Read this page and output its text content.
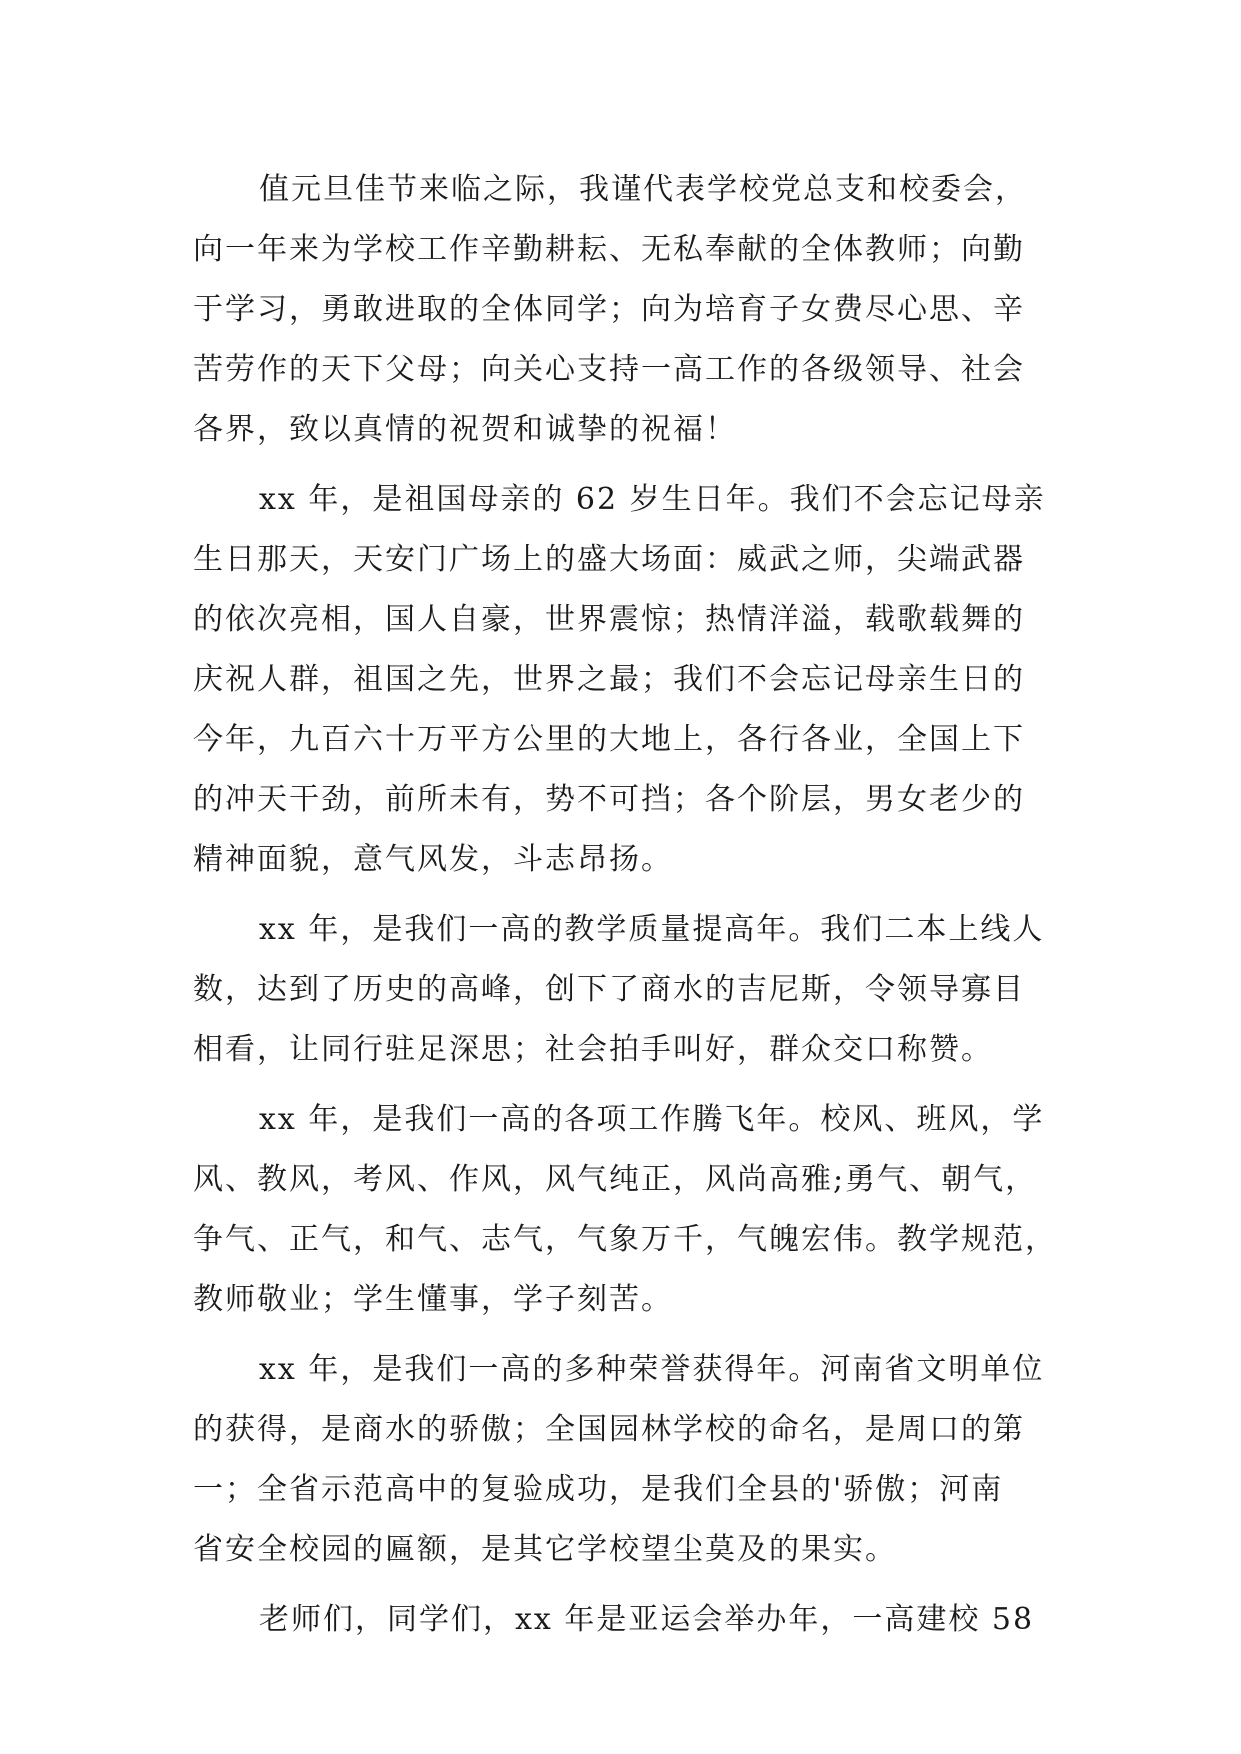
值元旦佳节来临之际，我谨代表学校党总支和校委会，
向一年来为学校工作辛勤耕耘、无私奉献的全体教师；向勤
于学习，勇敢进取的全体同学；向为培育子女费尽心思、辛
苦劳作的天下父母；向关心支持一高工作的各级领导、社会
各界，致以真情的祝贺和诚挚的祝福！
xx 年，是祖国母亲的 62 岁生日年。我们不会忘记母亲
生日那天，天安门广场上的盛大场面：威武之师，尖端武器
的依次亮相，国人自豪，世界震惊；热情洋溢，载歌载舞的
庆祝人群，祖国之先，世界之最；我们不会忘记母亲生日的
今年，九百六十万平方公里的大地上，各行各业，全国上下
的冲天干劲，前所未有，势不可挡；各个阶层，男女老少的
精神面貌，意气风发，斗志昂扬。
xx 年，是我们一高的教学质量提高年。我们二本上线人
数，达到了历史的高峰，创下了商水的吉尼斯，令领导寡目
相看，让同行驻足深思；社会拍手叫好，群众交口称赞。
xx 年，是我们一高的各项工作腾飞年。校风、班风，学
风、教风，考风、作风，风气纯正，风尚高雅;勇气、朝气，
争气、正气，和气、志气，气象万千，气魄宏伟。教学规范，
教师敬业；学生懂事，学子刻苦。
xx 年，是我们一高的多种荣誉获得年。河南省文明单位
的获得，是商水的骄傲；全国园林学校的命名，是周口的第
一；全省示范高中的复验成功，是我们全县的'骄傲；河南
省安全校园的匾额，是其它学校望尘莫及的果实。
老师们，同学们，xx 年是亚运会举办年，一高建校 58
